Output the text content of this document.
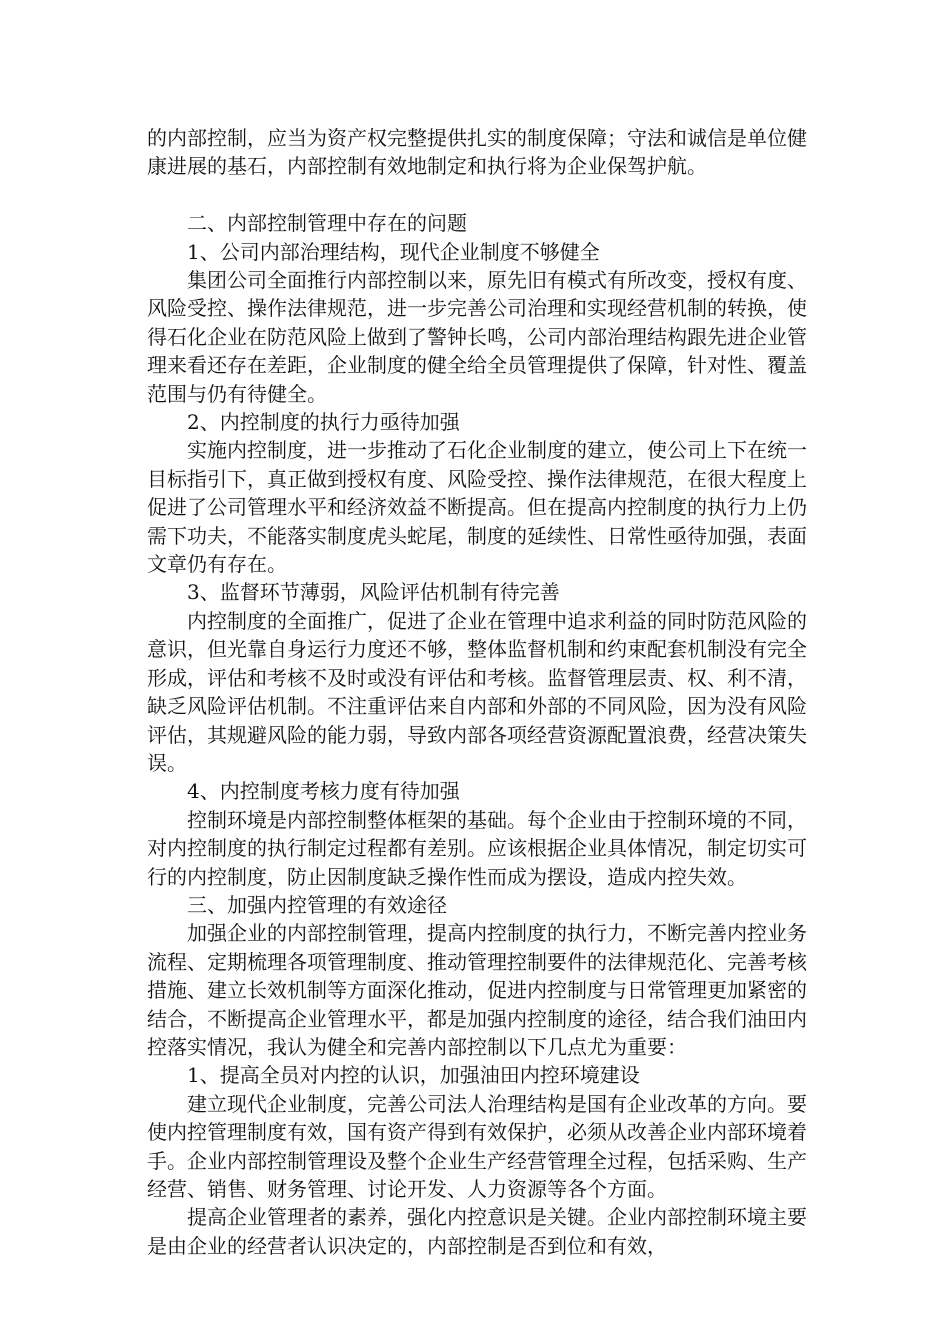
的内部控制，应当为资产权完整提供扎实的制度保障；守法和诚信是单位健康进展的基石，内部控制有效地制定和执行将为企业保驾护航。

二、内部控制管理中存在的问题

1、公司内部治理结构，现代企业制度不够健全

集团公司全面推行内部控制以来，原先旧有模式有所改变，授权有度、风险受控、操作法律规范，进一步完善公司治理和实现经营机制的转换，使得石化企业在防范风险上做到了警钟长鸣，公司内部治理结构跟先进企业管理来看还存在差距，企业制度的健全给全员管理提供了保障，针对性、覆盖范围与仍有待健全。

2、内控制度的执行力亟待加强

实施内控制度，进一步推动了石化企业制度的建立，使公司上下在统一目标指引下，真正做到授权有度、风险受控、操作法律规范，在很大程度上促进了公司管理水平和经济效益不断提高。但在提高内控制度的执行力上仍需下功夫，不能落实制度虎头蛇尾，制度的延续性、日常性亟待加强，表面文章仍有存在。

3、监督环节薄弱，风险评估机制有待完善

内控制度的全面推广，促进了企业在管理中追求利益的同时防范风险的意识，但光靠自身运行力度还不够，整体监督机制和约束配套机制没有完全形成，评估和考核不及时或没有评估和考核。监督管理层责、权、利不清，缺乏风险评估机制。不注重评估来自内部和外部的不同风险，因为没有风险评估，其规避风险的能力弱，导致内部各项经营资源配置浪费，经营决策失误。

4、内控制度考核力度有待加强

控制环境是内部控制整体框架的基础。每个企业由于控制环境的不同，对内控制度的执行制定过程都有差别。应该根据企业具体情况，制定切实可行的内控制度，防止因制度缺乏操作性而成为摆设，造成内控失效。

三、加强内控管理的有效途径

加强企业的内部控制管理，提高内控制度的执行力，不断完善内控业务流程、定期梳理各项管理制度、推动管理控制要件的法律规范化、完善考核措施、建立长效机制等方面深化推动，促进内控制度与日常管理更加紧密的结合，不断提高企业管理水平，都是加强内控制度的途径，结合我们油田内控落实情况，我认为健全和完善内部控制以下几点尤为重要：

1、提高全员对内控的认识，加强油田内控环境建设

建立现代企业制度，完善公司法人治理结构是国有企业改革的方向。要使内控管理制度有效，国有资产得到有效保护，必须从改善企业内部环境着手。企业内部控制管理设及整个企业生产经营管理全过程，包括采购、生产经营、销售、财务管理、讨论开发、人力资源等各个方面。

提高企业管理者的素养，强化内控意识是关键。企业内部控制环境主要是由企业的经营者认识决定的，内部控制是否到位和有效，
